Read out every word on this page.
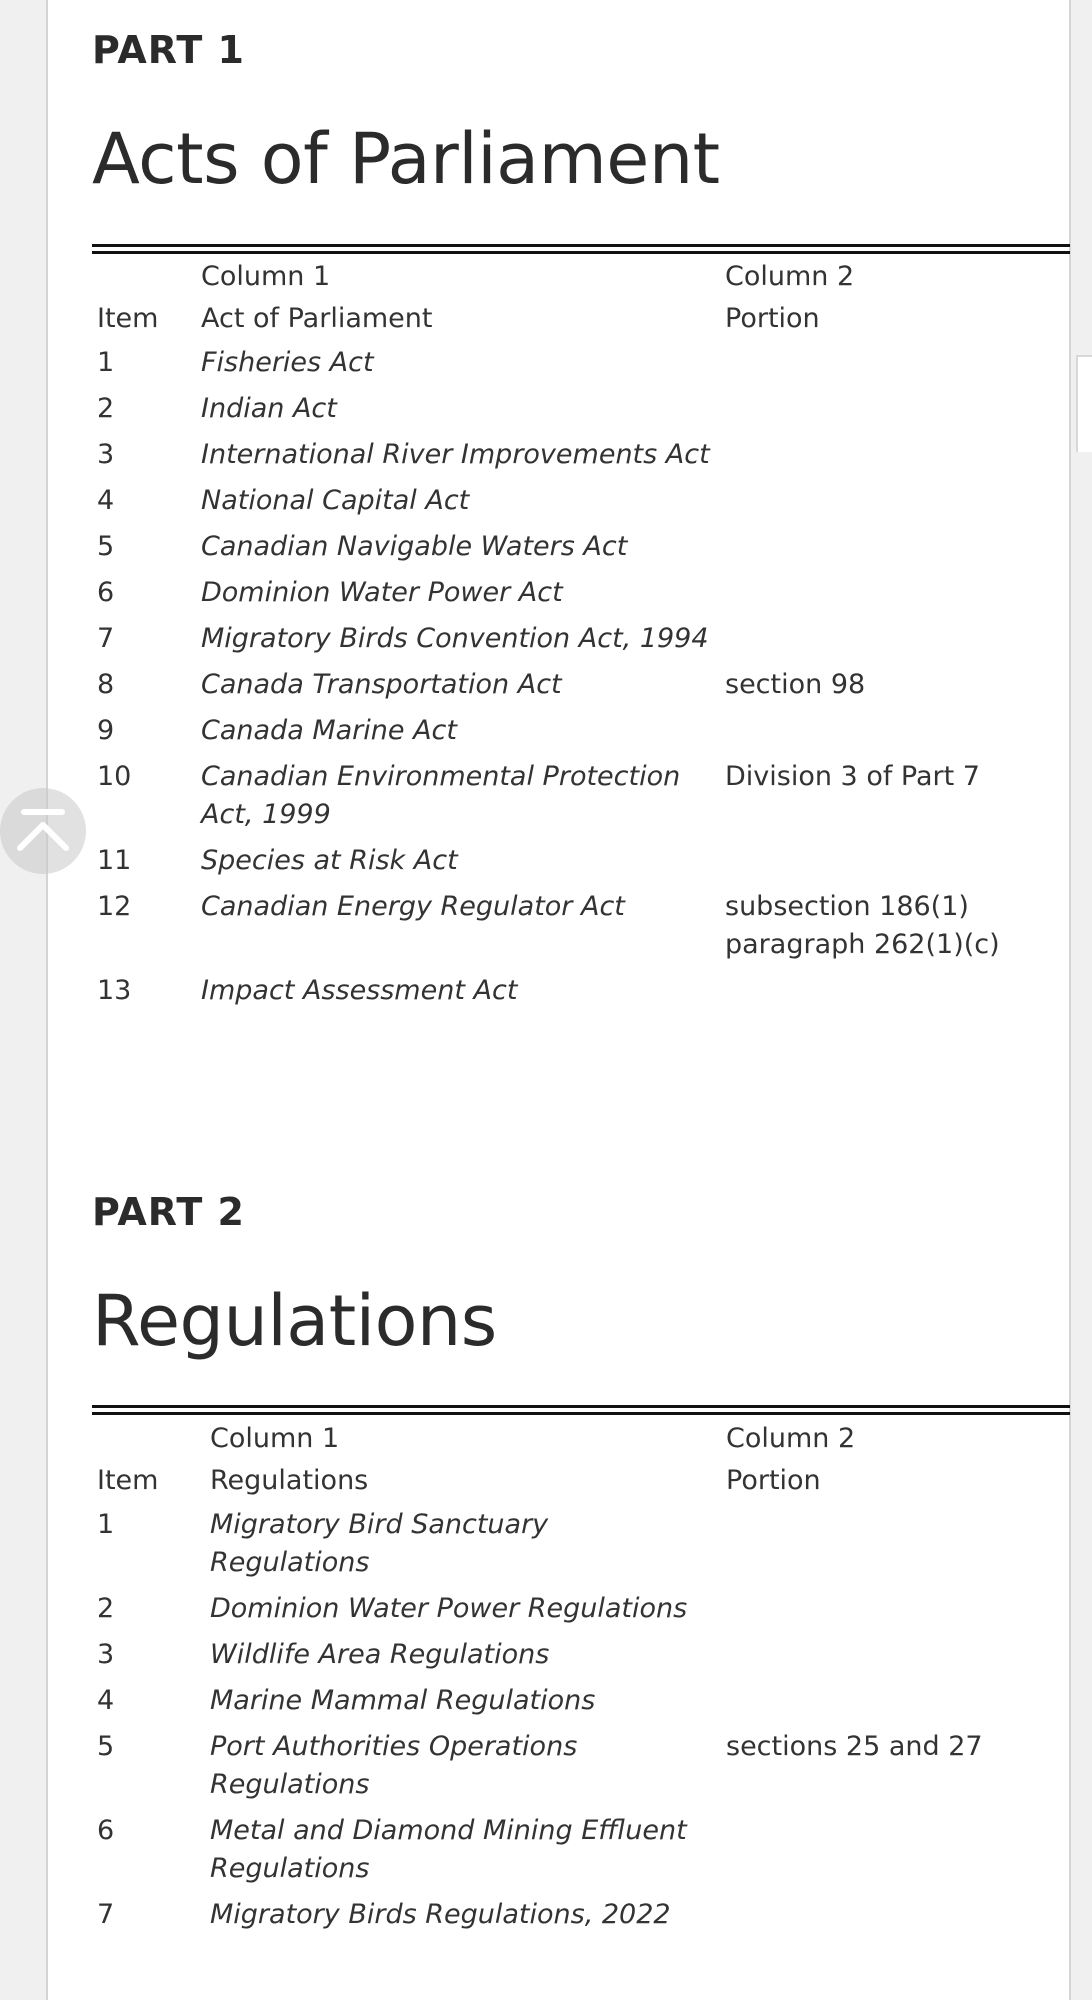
PART 1
Acts of Parliament
	Column 1	Column 2
Item	Act of Parliament	Portion
1	Fisheries Act	
2	Indian Act	
3	International River Improvements Act	
4	National Capital Act	
5	Canadian Navigable Waters Act	
6	Dominion Water Power Act	
7	Migratory Birds Convention Act, 1994	
8	Canada Transportation Act	section 98

9	Canada Marine Act	
10	Canadian Environmental Protection Act, 1999	Division 3 of Part 7

11	Species at Risk Act	
12	Canadian Energy Regulator Act	subsection 186(1)
paragraph 262(1)(c)

13	Impact Assessment Act	
PART 2
Regulations
	Column 1	Column 2
Item	Regulations	Portion
1	Migratory Bird Sanctuary Regulations	
2	Dominion Water Power Regulations	
3	Wildlife Area Regulations	
4	Marine Mammal Regulations	
5	Port Authorities Operations Regulations	sections 25 and 27

6	Metal and Diamond Mining Effluent Regulations	
7	Migratory Birds Regulations, 2022	
